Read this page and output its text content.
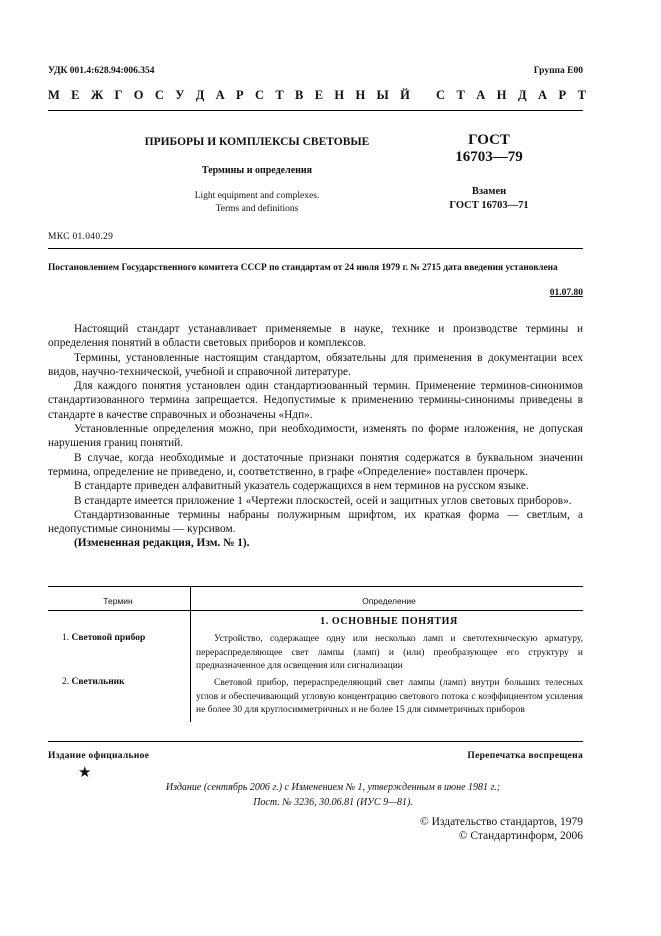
УДК 001.4:628.94:006.354	Группа Е00
М Е Ж Г О С У Д А Р С Т В Е Н Н Ы Й С Т А Н Д А Р Т
ПРИБОРЫ И КОМПЛЕКСЫ СВЕТОВЫЕ
Термины и определения
Light equipment and complexes.
Terms and definitions
ГОСТ
16703—79
Взамен
ГОСТ 16703—71
МКС 01.040.29
Постановлением Государственного комитета СССР по стандартам от 24 июля 1979 г. № 2715 дата введения установлена
01.07.80

Настоящий стандарт устанавливает применяемые в науке, технике и производстве термины и определения понятий в области световых приборов и комплексов.

Термины, установленные настоящим стандартом, обязательны для применения в документации всех видов, научно-технической, учебной и справочной литературе.

Для каждого понятия установлен один стандартизованный термин. Применение терминов-синонимов стандартизованного термина запрещается. Недопустимые к применению термины-синонимы приведены в стандарте в качестве справочных и обозначены «Ндп».

Установленные определения можно, при необходимости, изменять по форме изложения, не допуская нарушения границ понятий.

В случае, когда необходимые и достаточные признаки понятия содержатся в буквальном значении термина, определение не приведено, и, соответственно, в графе «Определение» поставлен прочерк.

В стандарте приведен алфавитный указатель содержащихся в нем терминов на русском языке.

В стандарте имеется приложение 1 «Чертежи плоскостей, осей и защитных углов световых приборов».

Стандартизованные термины набраны полужирным шрифтом, их краткая форма — светлым, а недопустимые синонимы — курсивом.

(Измененная редакция, Изм. № 1).

Термин	Определение
1. ОСНОВНЫЕ ПОНЯТИЯ
1. Световой прибор	Устройство, содержащее одну или несколько ламп и светотехническую арматуру, перераспределяющее свет лампы (ламп) и (или) преобразующее его структуру и предназначенное для освещения или сигнализации
2. Светильник	Световой прибор, перераспределяющий свет лампы (ламп) внутри больших телесных углов и обеспечивающий угловую концентрацию светового потока с коэффициентом усиления не более 30 для круглосимметричных и не более 15 для симметричных приборов
Издание официальное	Перепечатка воспрещена
★
Издание (сентябрь 2006 г.) с Изменением № 1, утвержденным в июне 1981 г.;
Пост. № 3236, 30.06.81 (ИУС 9—81).
© Издательство стандартов, 1979
© Стандартинформ, 2006
